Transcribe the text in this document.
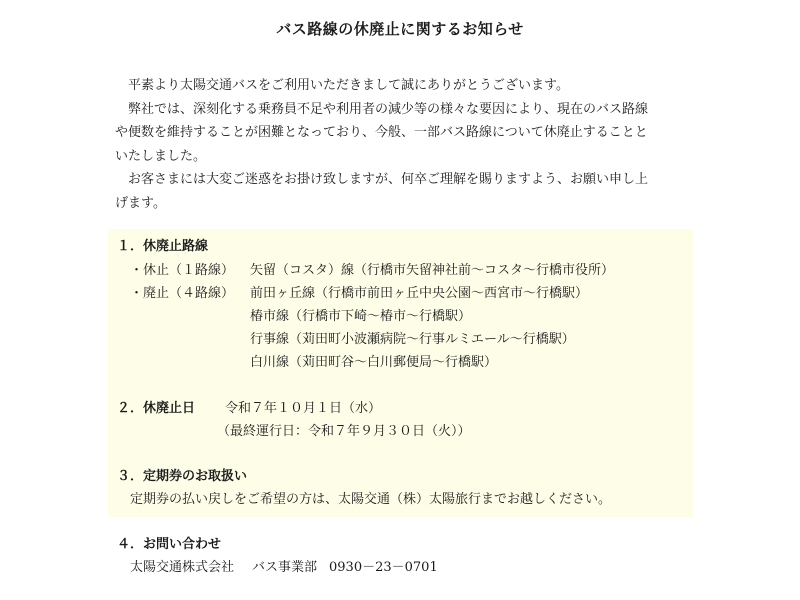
バス路線の休廃止に関するお知らせ

平素より太陽交通バスをご利用いただきまして誠にありがとうございます。

弊社では、深刻化する乗務員不足や利用者の減少等の様々な要因により、現在のバス路線や便数を維持することが困難となっており、今般、一部バス路線について休廃止することといたしました。

お客さまには大変ご迷惑をお掛け致しますが、何卒ご理解を賜りますよう、お願い申し上げます。

１．休廃止路線
・休止（１路線） 矢留（コスタ）線（行橋市矢留神社前～コスタ～行橋市役所）
・廃止（４路線） 前田ヶ丘線（行橋市前田ヶ丘中央公園～西宮市～行橋駅）
椿市線（行橋市下崎～椿市～行橋駅）
行事線（苅田町小波瀬病院～行事ルミエール～行橋駅）
白川線（苅田町谷～白川郵便局～行橋駅）
２．休廃止日 令和７年１０月１日（水）
（最終運行日：令和７年９月３０日（火））
３．定期券のお取扱い
定期券の払い戻しをご希望の方は、太陽交通（株）太陽旅行までお越しください。
４．お問い合わせ
太陽交通株式会社 バス事業部 0930－23－0701
